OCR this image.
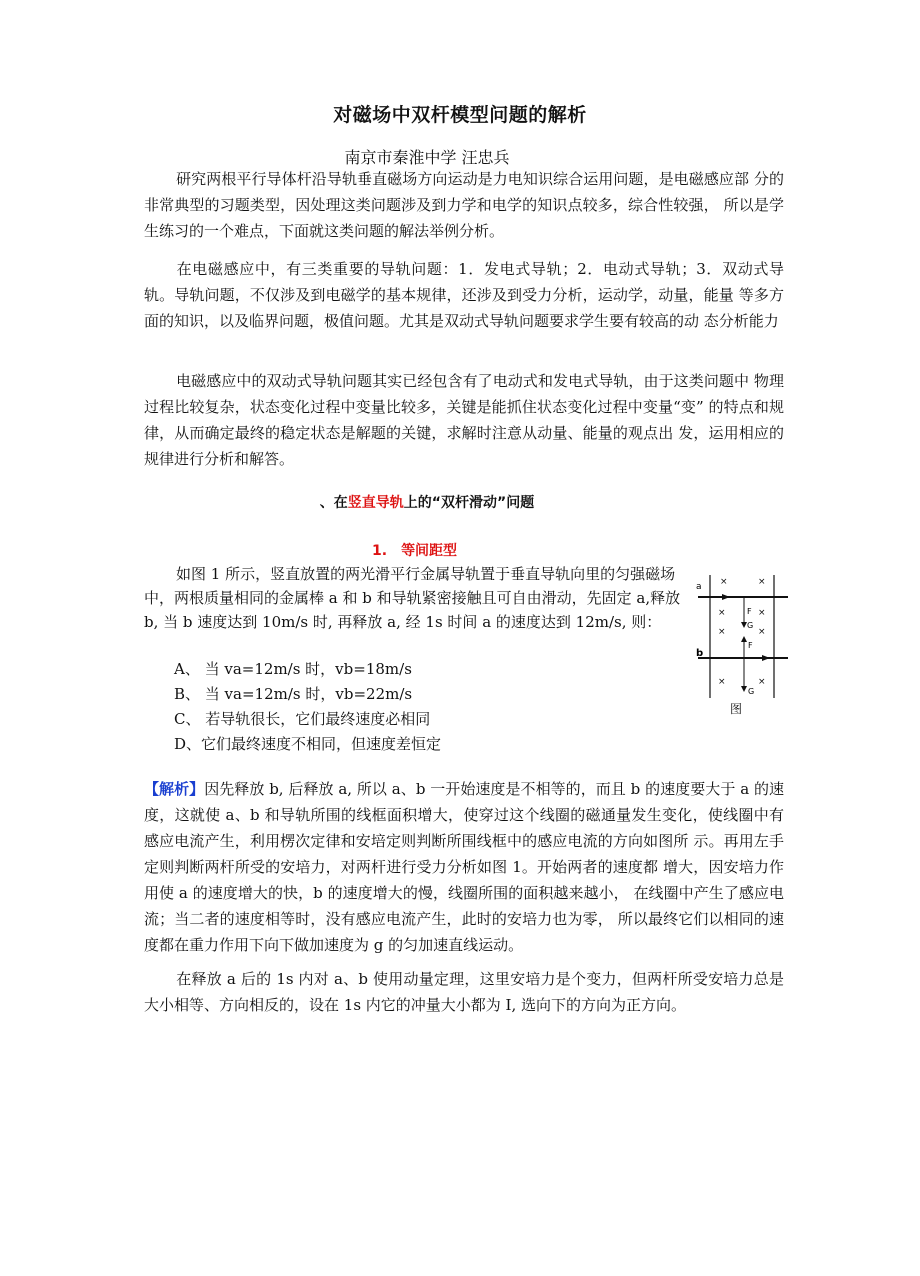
对磁场中双杆模型问题的解析
南京市秦淮中学 汪忠兵

研究两根平行导体杆沿导轨垂直磁场方向运动是力电知识综合运用问题，是电磁感应部 分的非常典型的习题类型，因处理这类问题涉及到力学和电学的知识点较多，综合性较强， 所以是学生练习的一个难点，下面就这类问题的解法举例分析。

在电磁感应中，有三类重要的导轨问题：1．发电式导轨；2．电动式导轨；3．双动式导轨。导轨问题，不仅涉及到电磁学的基本规律，还涉及到受力分析，运动学，动量，能量 等多方面的知识，以及临界问题，极值问题。尤其是双动式导轨问题要求学生要有较高的动 态分析能力

电磁感应中的双动式导轨问题其实已经包含有了电动式和发电式导轨，由于这类问题中 物理过程比较复杂，状态变化过程中变量比较多，关键是能抓住状态变化过程中变量“变” 的特点和规律，从而确定最终的稳定状态是解题的关键，求解时注意从动量、能量的观点出 发，运用相应的规律进行分析和解答。

、在竖直导轨上的“双杆滑动”问题
1. 等间距型

如图 1 所示，竖直放置的两光滑平行金属导轨置于垂直导轨向里的匀强磁场中，两根质量相同的金属棒 a 和 b 和导轨紧密接触且可自由滑动，先固定 a,释放 b, 当 b 速度达到 10m/s 时, 再释放 a, 经 1s 时间 a 的速度达到 12m/s, 则：

A、 当 va=12m/s 时，vb=18m/s
B、 当 va=12m/s 时，vb=22m/s
C、 若导轨很长，它们最终速度必相同
D、它们最终速度不相同，但速度差恒定
×	×
×	×
×	×
×	×
a
b
F
G
F
G
图

【解析】因先释放 b, 后释放 a, 所以 a、b 一开始速度是不相等的，而且 b 的速度要大于 a 的速度，这就使 a、b 和导轨所围的线框面积增大，使穿过这个线圈的磁通量发生变化，使线圈中有感应电流产生，利用楞次定律和安培定则判断所围线框中的感应电流的方向如图所 示。再用左手定则判断两杆所受的安培力，对两杆进行受力分析如图 1。开始两者的速度都 增大，因安培力作用使 a 的速度增大的快，b 的速度增大的慢，线圈所围的面积越来越小， 在线圈中产生了感应电流；当二者的速度相等时，没有感应电流产生，此时的安培力也为零， 所以最终它们以相同的速度都在重力作用下向下做加速度为 g 的匀加速直线运动。

在释放 a 后的 1s 内对 a、b 使用动量定理，这里安培力是个变力，但两杆所受安培力总是大小相等、方向相反的，设在 1s 内它的冲量大小都为 I, 选向下的方向为正方向。
